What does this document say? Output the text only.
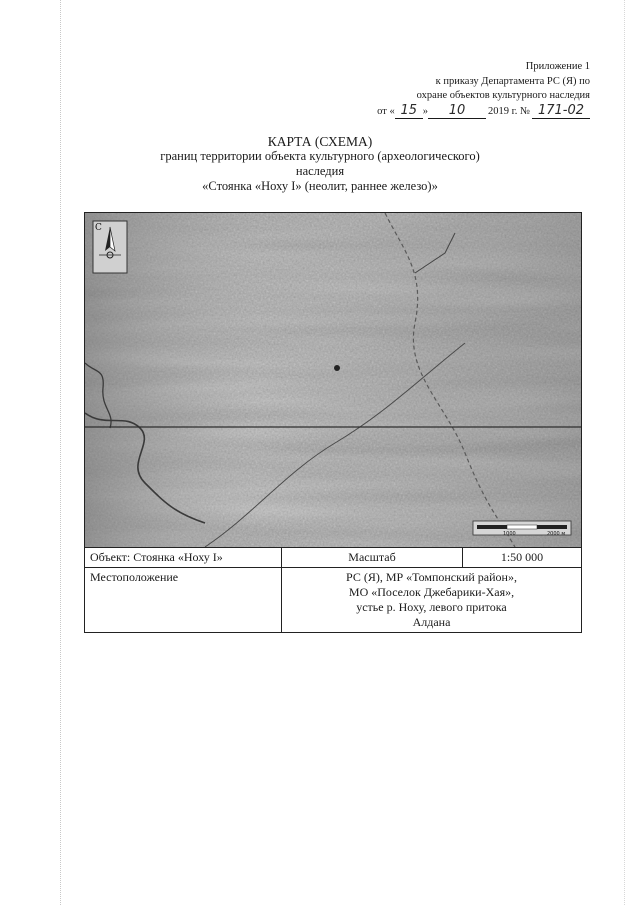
Приложение 1
к приказу Департамента РС (Я) по
охране объектов культурного наследия
от « 15 »	10	2019 г. № 171-02
КАРТА (СХЕМА)
границ территории объекта культурного (археологического)
наследия
«Стоянка «Ноху I» (неолит, раннее железо)»
С
1000	2000 м
Объект: Стоянка «Ноху I»	Масштаб	1:50 000
Местоположение	РС (Я), МР «Томпонский район»,
МО «Поселок Джебарики-Хая»,
устье р. Ноху, левого притока
Алдана	
